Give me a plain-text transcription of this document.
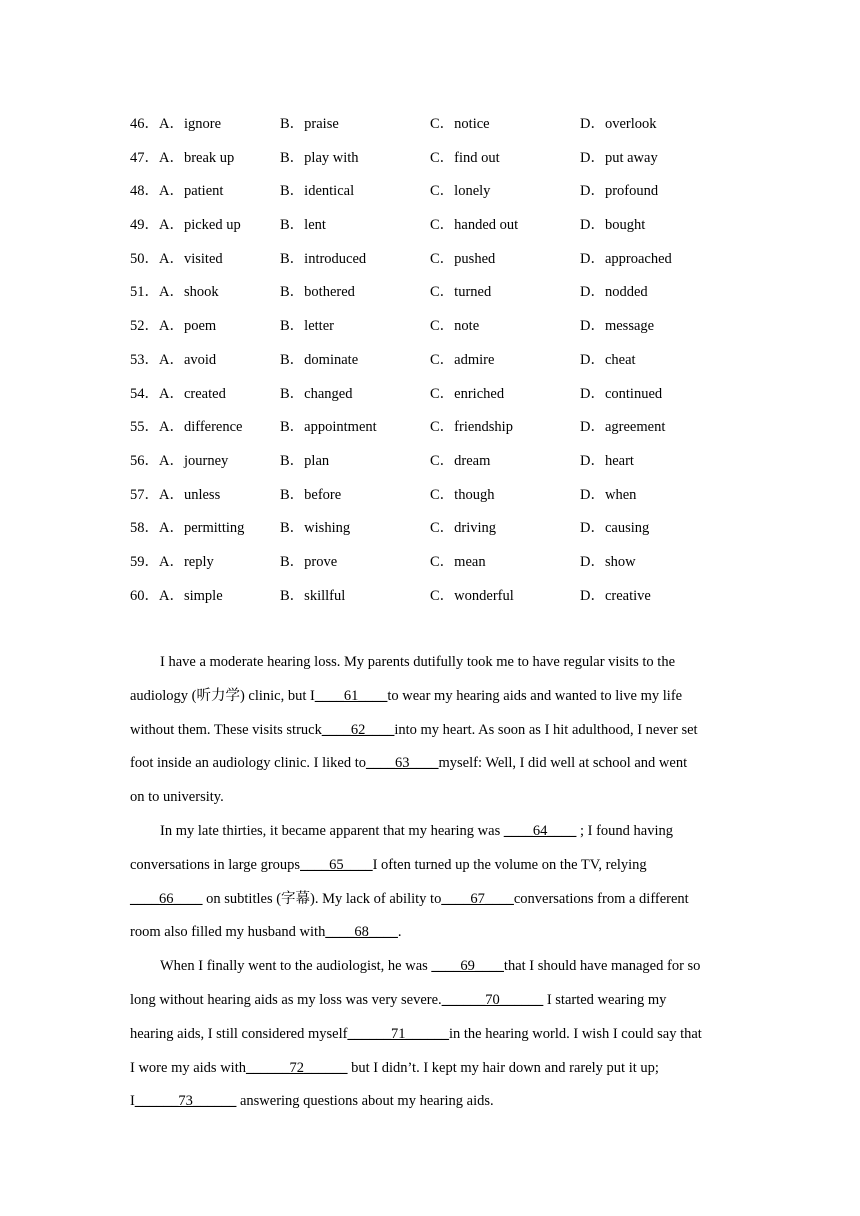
46．A．ignore	B．praise	C．notice	D．overlook
47．A．break up	B．play with	C．find out	D．put away
48．A．patient	B．identical	C．lonely	D．profound
49．A．picked up	B．lent	C．handed out	D．bought
50．A．visited	B．introduced	C．pushed	D．approached
51．A．shook	B．bothered	C．turned	D．nodded
52．A．poem	B．letter	C．note	D．message
53．A．avoid	B．dominate	C．admire	D．cheat
54．A．created	B．changed	C．enriched	D．continued
55．A．difference	B．appointment	C．friendship	D．agreement
56．A．journey	B．plan	C．dream	D．heart
57．A．unless	B．before	C．though	D．when
58．A．permitting	B．wishing	C．driving	D．causing
59．A．reply	B．prove	C．mean	D．show
60．A．simple	B．skillful	C．wonderful	D．creative
I have a moderate hearing loss. My parents dutifully took me to have regular visits to the
audiology (听力学) clinic, but I____61____to wear my hearing aids and wanted to live my life
without them. These visits struck____62____into my heart. As soon as I hit adulthood, I never set
foot inside an audiology clinic. I liked to____63____myself: Well, I did well at school and went
on to university.
In my late thirties, it became apparent that my hearing was ____64____ ; I found having
conversations in large groups____65____I often turned up the volume on the TV, relying
____66____ on subtitles (字幕). My lack of ability to____67____conversations from a different
room also filled my husband with____68____.
When I finally went to the audiologist, he was ____69____that I should have managed for so
long without hearing aids as my loss was very severe.______70______ I started wearing my
hearing aids, I still considered myself______71______in the hearing world. I wish I could say that
I wore my aids with______72______ but I didn’t. I kept my hair down and rarely put it up;
I______73______ answering questions about my hearing aids.
